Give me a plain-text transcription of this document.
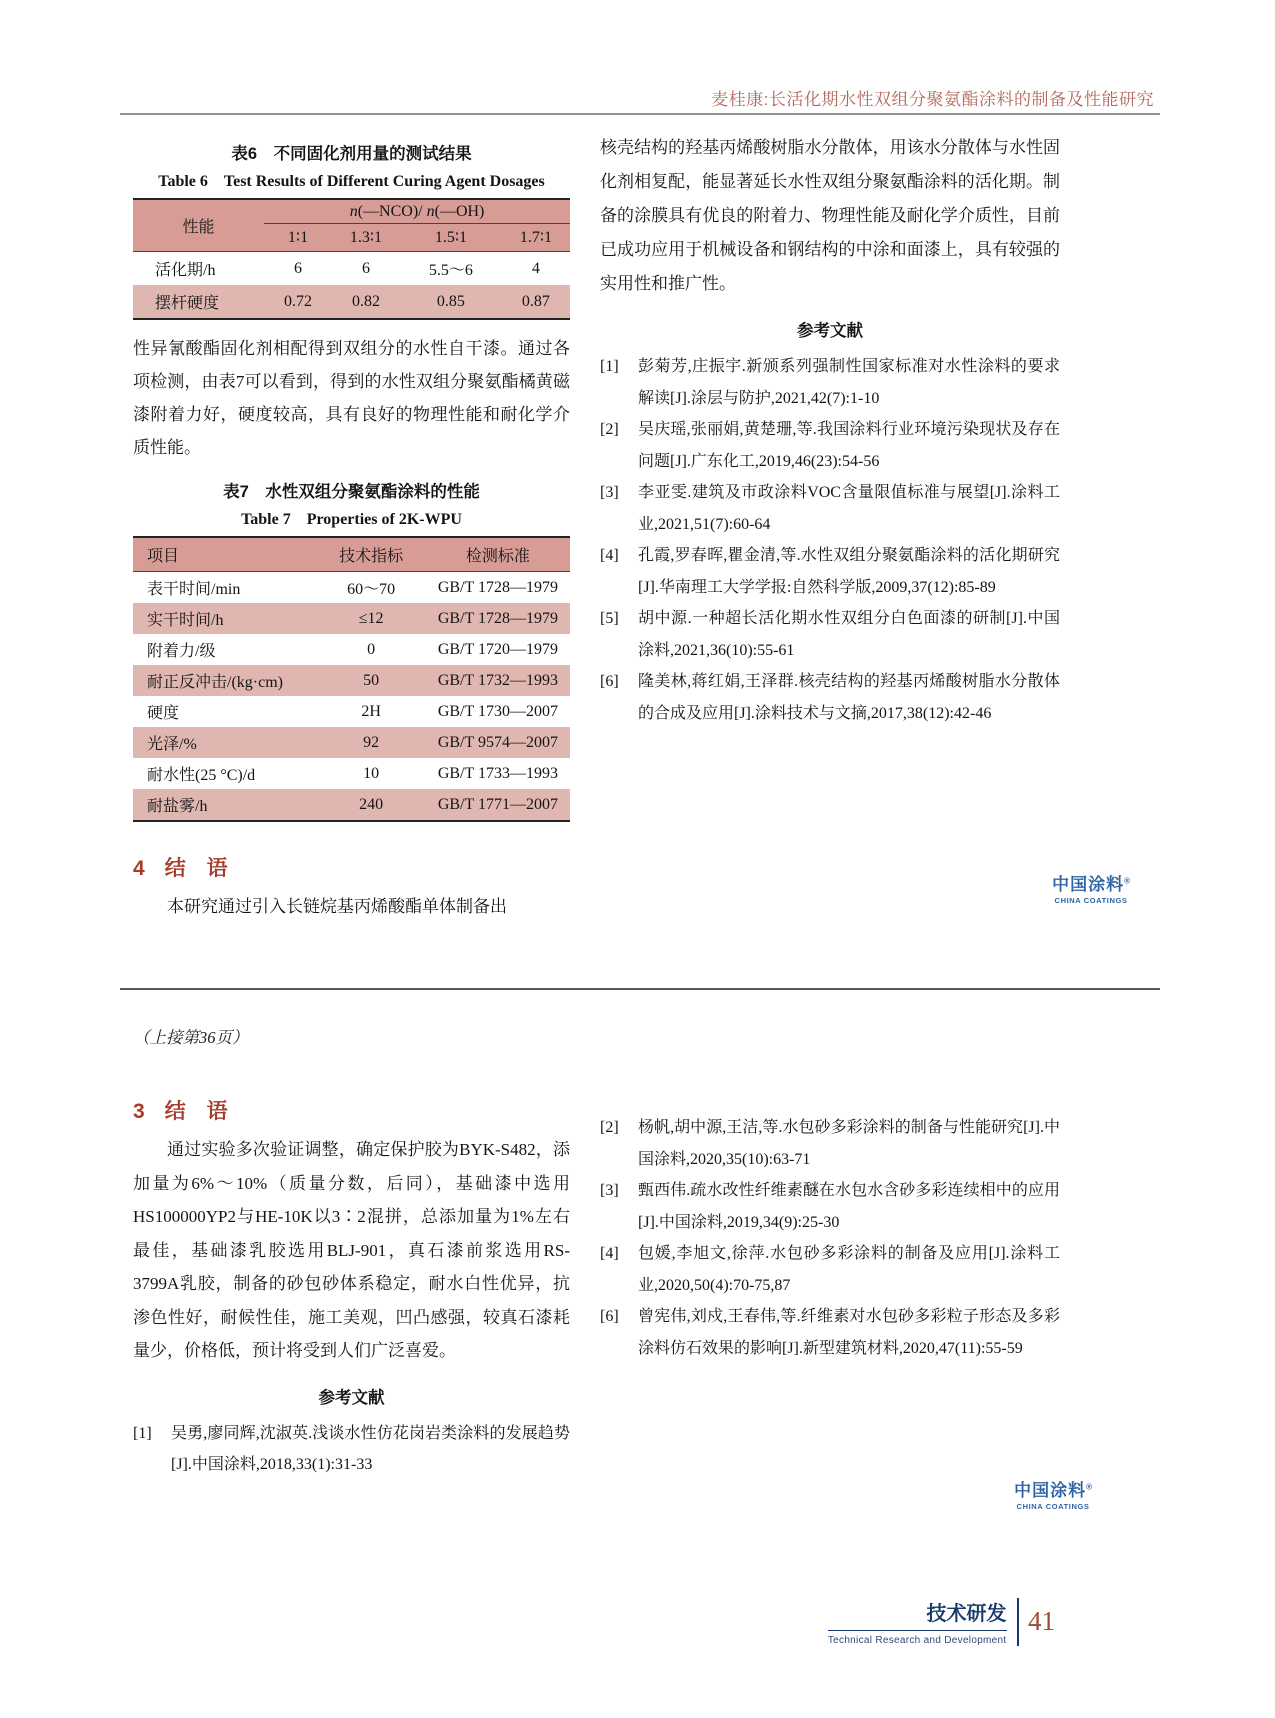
麦桂康:长活化期水性双组分聚氨酯涂料的制备及性能研究
表6　不同固化剂用量的测试结果
Table 6　Test Results of Different Curing Agent Dosages
性能	n(—NCO)/ n(—OH)			
	1∶1	1.3∶1	1.5∶1	1.7∶1
活化期/h	6	6	5.5～6	4
摆杆硬度	0.72	0.82	0.85	0.87

性异氰酸酯固化剂相配得到双组分的水性自干漆。通过各项检测，由表7可以看到，得到的水性双组分聚氨酯橘黄磁漆附着力好，硬度较高，具有良好的物理性能和耐化学介质性能。

表7　水性双组分聚氨酯涂料的性能
Table 7　Properties of 2K-WPU
项目	技术指标	检测标准
表干时间/min	60～70	GB/T 1728—1979
实干时间/h	≤12	GB/T 1728—1979
附着力/级	0	GB/T 1720—1979
耐正反冲击/(kg·cm)	50	GB/T 1732—1993
硬度	2H	GB/T 1730—2007
光泽/%	92	GB/T 9574—2007
耐水性(25 °C)/d	10	GB/T 1733—1993
耐盐雾/h	240	GB/T 1771—2007
4 结　语

本研究通过引入长链烷基丙烯酸酯单体制备出

核壳结构的羟基丙烯酸树脂水分散体，用该水分散体与水性固化剂相复配，能显著延长水性双组分聚氨酯涂料的活化期。制备的涂膜具有优良的附着力、物理性能及耐化学介质性，目前已成功应用于机械设备和钢结构的中涂和面漆上，具有较强的实用性和推广性。

参考文献
[1]	彭菊芳,庄振宇.新颁系列强制性国家标准对水性涂料的要求解读[J].涂层与防护,2021,42(7):1-10
[2]	吴庆瑶,张丽娟,黄楚珊,等.我国涂料行业环境污染现状及存在问题[J].广东化工,2019,46(23):54-56
[3]	李亚雯.建筑及市政涂料VOC含量限值标准与展望[J].涂料工业,2021,51(7):60-64
[4]	孔霞,罗春晖,瞿金清,等.水性双组分聚氨酯涂料的活化期研究[J].华南理工大学学报:自然科学版,2009,37(12):85-89
[5]	胡中源.一种超长活化期水性双组分白色面漆的研制[J].中国涂料,2021,36(10):55-61
[6]	隆美林,蒋红娟,王泽群.核壳结构的羟基丙烯酸树脂水分散体的合成及应用[J].涂料技术与文摘,2017,38(12):42-46
中国涂料®
CHINA COATINGS
（上接第36页）
3 结　语

通过实验多次验证调整，确定保护胶为BYK-S482，添加量为6%～10%（质量分数，后同），基础漆中选用HS100000YP2与HE-10K以3∶2混拼，总添加量为1%左右最佳，基础漆乳胶选用BLJ-901，真石漆前浆选用RS-3799A乳胶，制备的砂包砂体系稳定，耐水白性优异，抗渗色性好，耐候性佳，施工美观，凹凸感强，较真石漆耗量少，价格低，预计将受到人们广泛喜爱。

参考文献
[1]	吴勇,廖同辉,沈淑英.浅谈水性仿花岗岩类涂料的发展趋势[J].中国涂料,2018,33(1):31-33
[2]	杨帆,胡中源,王洁,等.水包砂多彩涂料的制备与性能研究[J].中国涂料,2020,35(10):63-71
[3]	甄西伟.疏水改性纤维素醚在水包水含砂多彩连续相中的应用[J].中国涂料,2019,34(9):25-30
[4]	包媛,李旭文,徐萍.水包砂多彩涂料的制备及应用[J].涂料工业,2020,50(4):70-75,87
[6]	曾宪伟,刘戍,王春伟,等.纤维素对水包砂多彩粒子形态及多彩涂料仿石效果的影响[J].新型建筑材料,2020,47(11):55-59
中国涂料®
CHINA COATINGS
技术研发
Technical Research and Development
41
